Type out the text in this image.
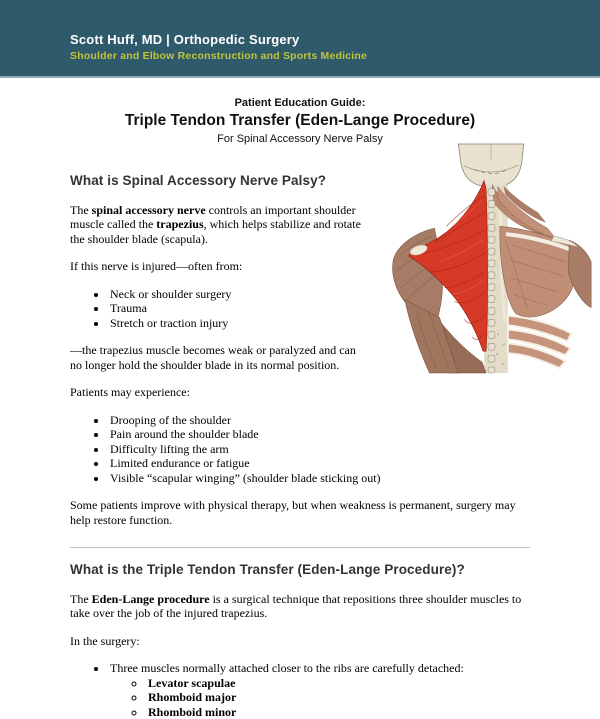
Scott Huff, MD | Orthopedic Surgery
Shoulder and Elbow Reconstruction and Sports Medicine
Patient Education Guide:
Triple Tendon Transfer (Eden-Lange Procedure)
For Spinal Accessory Nerve Palsy
What is Spinal Accessory Nerve Palsy?

The spinal accessory nerve controls an important shoulder muscle called the trapezius, which helps stabilize and rotate the shoulder blade (scapula).

If this nerve is injured—often from:

• Neck or shoulder surgery
• Trauma
• Stretch or traction injury

—the trapezius muscle becomes weak or paralyzed and can no longer hold the shoulder blade in its normal position.

Patients may experience:

• Drooping of the shoulder
• Pain around the shoulder blade
• Difficulty lifting the arm
• Limited endurance or fatigue
• Visible “scapular winging” (shoulder blade sticking out)

Some patients improve with physical therapy, but when weakness is permanent, surgery may help restore function.

What is the Triple Tendon Transfer (Eden-Lange Procedure)?

The Eden-Lange procedure is a surgical technique that repositions three shoulder muscles to take over the job of the injured trapezius.

In the surgery:

• Three muscles normally attached closer to the ribs are carefully detached:
◦ Levator scapulae
◦ Rhomboid major
◦ Rhomboid minor
